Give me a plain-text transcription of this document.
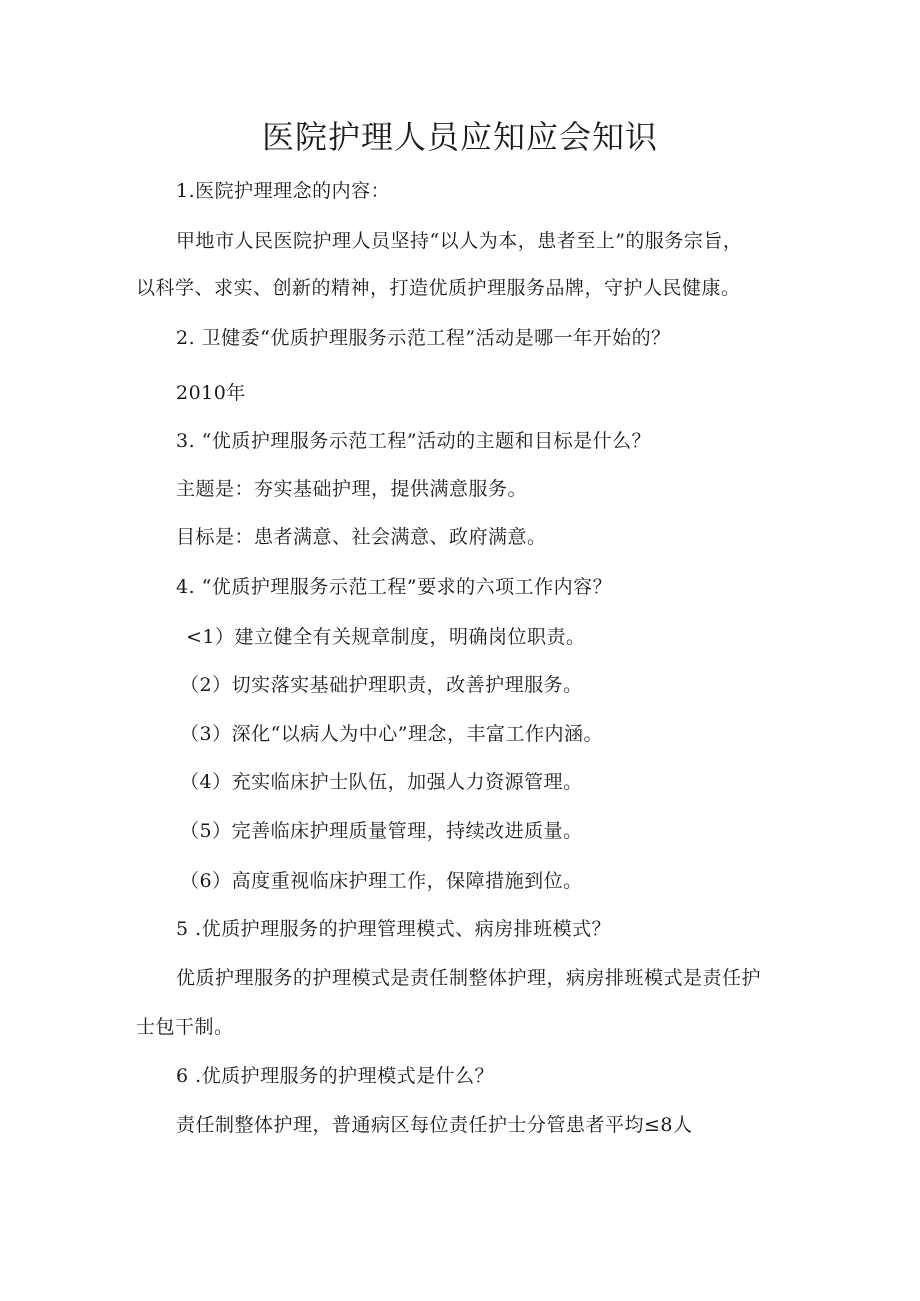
医院护理人员应知应会知识

1.医院护理理念的内容：

甲地市人民医院护理人员坚持“以人为本，患者至上”的服务宗旨，

以科学、求实、创新的精神，打造优质护理服务品牌，守护人民健康。

2. 卫健委“优质护理服务示范工程”活动是哪一年开始的？

2010年

3. “优质护理服务示范工程”活动的主题和目标是什么？

主题是：夯实基础护理，提供满意服务。

目标是：患者满意、社会满意、政府满意。

4. “优质护理服务示范工程”要求的六项工作内容？

<1）建立健全有关规章制度，明确岗位职责。

（2）切实落实基础护理职责，改善护理服务。

（3）深化“以病人为中心”理念，丰富工作内涵。

（4）充实临床护士队伍，加强人力资源管理。

（5）完善临床护理质量管理，持续改进质量。

（6）高度重视临床护理工作，保障措施到位。

5 .优质护理服务的护理管理模式、病房排班模式？

优质护理服务的护理模式是责任制整体护理，病房排班模式是责任护

士包干制。

6 .优质护理服务的护理模式是什么？

责任制整体护理，普通病区每位责任护士分管患者平均≤8人
